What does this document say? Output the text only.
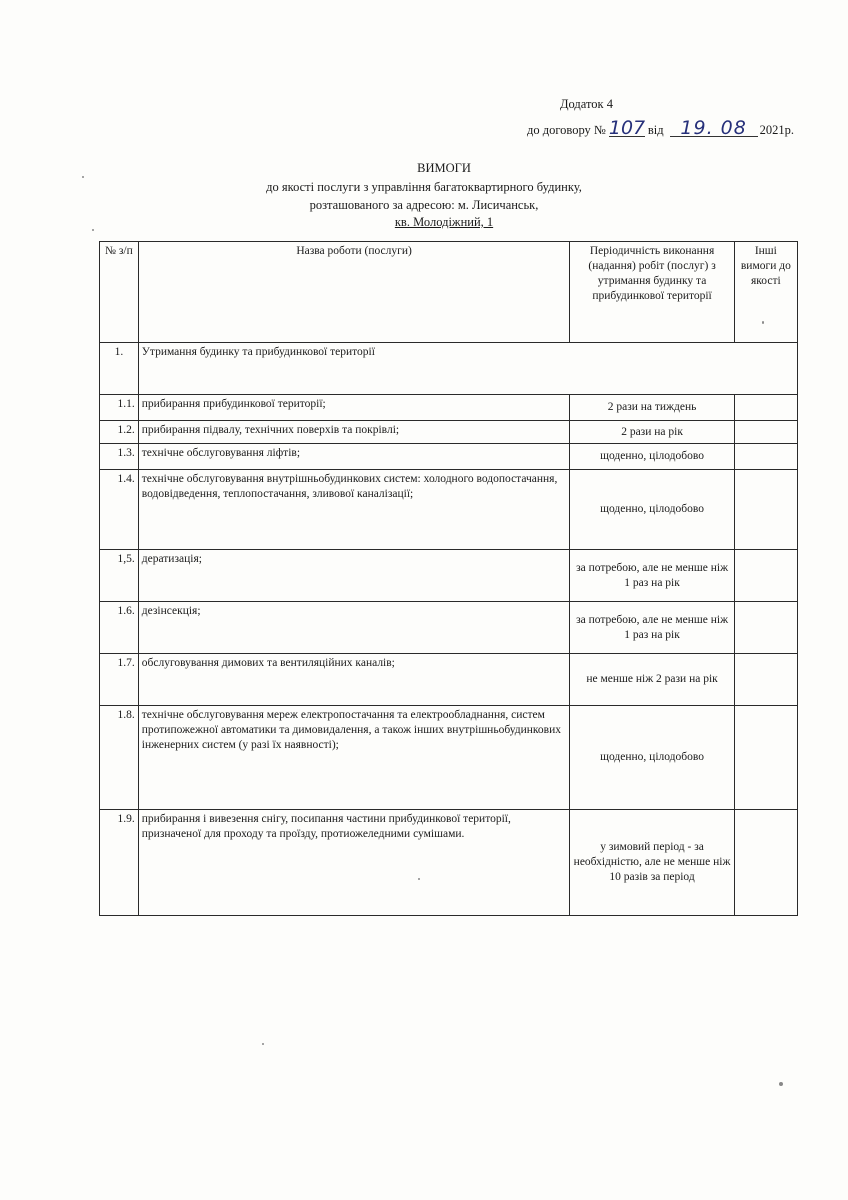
Додаток 4
до договору № 107 від 19. 08 2021р.
ВИМОГИ
до якості послуги з управління багатоквартирного будинку,
розташованого за адресою: м. Лисичанськ,
кв. Молодіжний, 1
№ з/п	Назва роботи (послуги)	Періодичність виконання (надання) робіт (послуг) з утримання будинку та прибудинкової території	Інші вимоги до якості
1.	Утримання будинку та прибудинкової території		
1.1.	прибирання прибудинкової території;	2 рази на тиждень	
1.2.	прибирання підвалу, технічних поверхів та покрівлі;	2 рази на рік	
1.3.	технічне обслуговування ліфтів;	щоденно, цілодобово	
1.4.	технічне обслуговування внутрішньобудинкових систем: холодного водопостачання, водовідведення, теплопостачання, зливової каналізації;	щоденно, цілодобово	
1,5.	дератизація;	за потребою, але не менше ніж 1 раз на рік	
1.6.	дезінсекція;	за потребою, але не менше ніж 1 раз на рік	
1.7.	обслуговування димових та вентиляційних каналів;	не менше ніж 2 рази на рік	
1.8.	технічне обслуговування мереж електропостачання та електрообладнання, систем протипожежної автоматики та димовидалення, а також інших внутрішньобудинкових інженерних систем (у разі їх наявності);	щоденно, цілодобово	
1.9.	прибирання і вивезення снігу, посипання частини прибудинкової території, призначеної для проходу та проїзду, протиожеледними сумішами.	у зимовий період - за необхідністю, але не менше ніж 10 разів за період	
